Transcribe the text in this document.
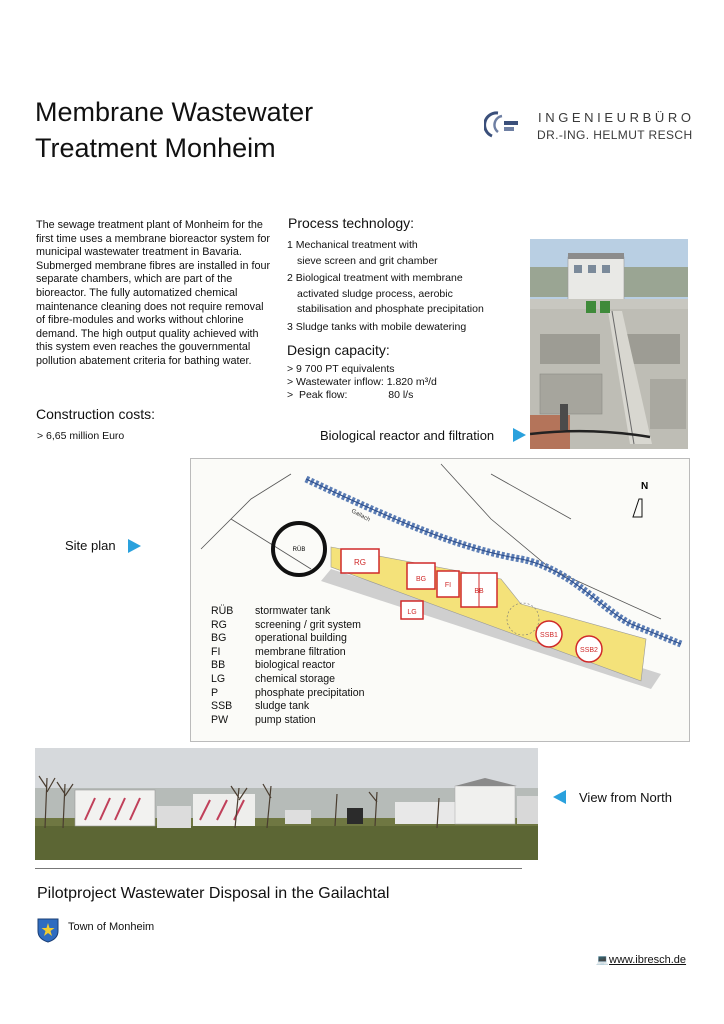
Membrane Wastewater
Treatment Monheim
INGENIEURBÜRO
DR.-ING. HELMUT RESCH
The sewage treatment plant of Monheim for the first time uses a membrane bioreactor system for municipal wastewater treatment in Bavaria. Submerged membrane fibres are installed in four separate chambers, which are part of the bioreactor. The fully automatized chemical maintenance cleaning does not require removal of fibre-modules and works without chlorine demand. The high output quality achieved with this system even reaches the gouvernmental pollution abatement criteria for bathing water.
Process technology:
1 Mechanical treatment with
sieve screen and grit chamber
2 Biological treatment with membrane
activated sludge process, aerobic
stabilisation and phosphate precipitation
3 Sludge tanks with mobile dewatering
Design capacity:
> 9 700 PT equivalents
> Wastewater inflow: 1.820 m³/d
>  Peak flow:              80 l/s
Construction costs:
> 6,65 million Euro	Biological reactor and filtration
Site plan
Gailach
RÜB
RG
BG
FI
BB
LG
SSB1
SSB2
N
RÜB stormwater tank
RG	screening / grit system
BG	operational building
FI	membrane filtration
BB	biological reactor
LG	chemical storage
P	phosphate precipitation
SSB sludge tank
PW	pump station
View from North
Pilotproject Wastewater Disposal in the Gailachtal
Town of Monheim
💻 www.ibresch.de
